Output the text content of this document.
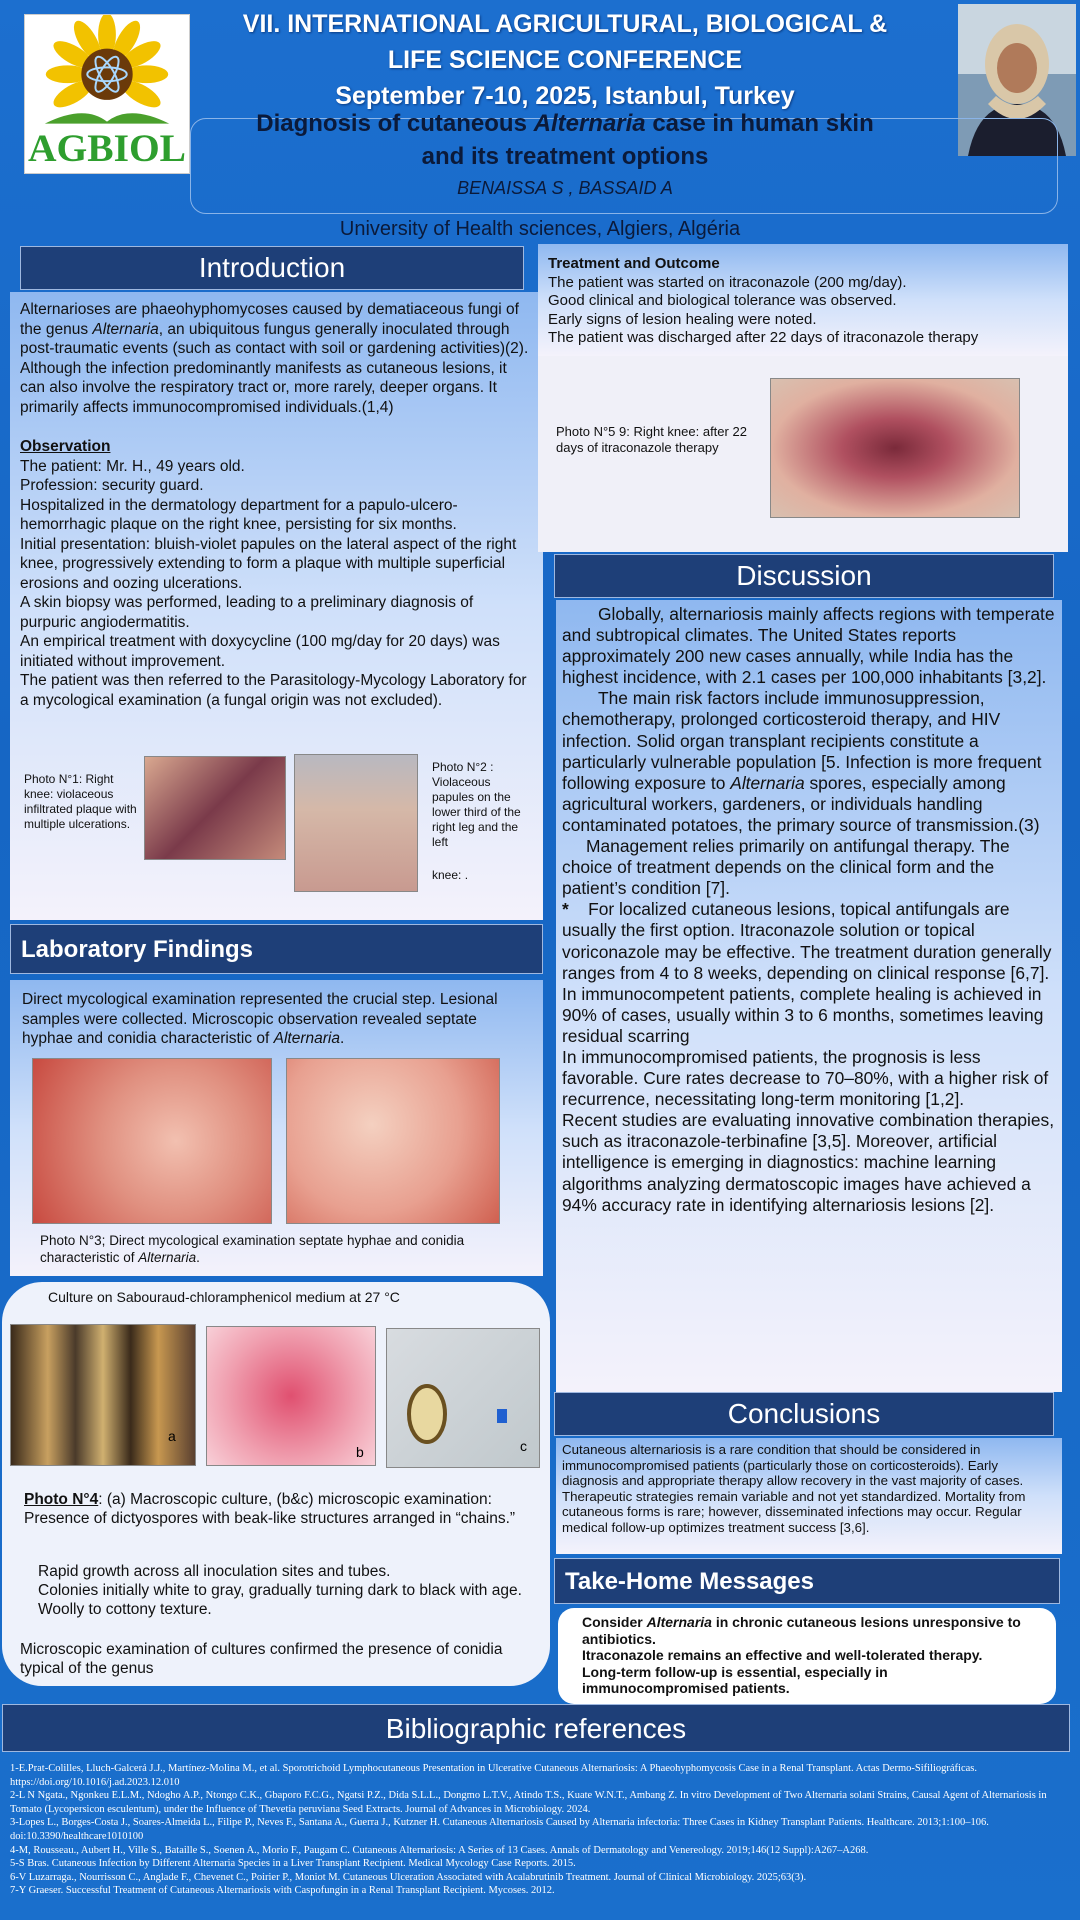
AGBIOL
VII. INTERNATIONAL AGRICULTURAL, BIOLOGICAL &
LIFE SCIENCE CONFERENCE
September 7-10, 2025, Istanbul, Turkey
Diagnosis of cutaneous Alternaria case in human skin
and its treatment options
BENAISSA S , BASSAID A
University of Health sciences, Algiers, Algéria
Introduction

Alternarioses are phaeohyphomycoses caused by dematiaceous fungi of the genus Alternaria, an ubiquitous fungus generally inoculated through post-traumatic events (such as contact with soil or gardening activities)(2). Although the infection predominantly manifests as cutaneous lesions, it can also involve the respiratory tract or, more rarely, deeper organs. It primarily affects immunocompromised individuals.(1,4)

Observation

The patient: Mr. H., 49 years old.

Profession: security guard.

Hospitalized in the dermatology department for a papulo-ulcero-hemorrhagic plaque on the right knee, persisting for six months.

Initial presentation: bluish-violet papules on the lateral aspect of the right knee, progressively extending to form a plaque with multiple superficial erosions and oozing ulcerations.

A skin biopsy was performed, leading to a preliminary diagnosis of purpuric angiodermatitis.

An empirical treatment with doxycycline (100 mg/day for 20 days) was initiated without improvement.

The patient was then referred to the Parasitology-Mycology Laboratory for a mycological examination (a fungal origin was not excluded).

Photo N°1: Right knee: violaceous infiltrated plaque with multiple ulcerations.
Photo N°2 : Violaceous papules on the lower third of the right leg and the left
knee: .
Laboratory Findings

Direct mycological examination represented the crucial step. Lesional samples were collected. Microscopic observation revealed septate hyphae and conidia characteristic of Alternaria.

Photo N°3; Direct mycological examination septate hyphae and conidia characteristic of Alternaria.
Culture on Sabouraud-chloramphenicol medium at 27 °C
a
b	c
Photo N°4: (a) Macroscopic culture, (b&c) microscopic examination: Presence of dictyospores with beak-like structures arranged in “chains.”

Rapid growth across all inoculation sites and tubes.

Colonies initially white to gray, gradually turning dark to black with age.

Woolly to cottony texture.

Microscopic examination of cultures confirmed the presence of conidia typical of the genus

Treatment and Outcome

The patient was started on itraconazole (200 mg/day).

Good clinical and biological tolerance was observed.

Early signs of lesion healing were noted.

The patient was discharged after 22 days of itraconazole therapy

Photo N°5 9: Right knee: after 22 days of itraconazole therapy
Discussion

Globally, alternariosis mainly affects regions with temperate and subtropical climates. The United States reports approximately 200 new cases annually, while India has the highest incidence, with 2.1 cases per 100,000 inhabitants [3,2].

The main risk factors include immunosuppression, chemotherapy, prolonged corticosteroid therapy, and HIV infection. Solid organ transplant recipients constitute a particularly vulnerable population [5. Infection is more frequent following exposure to Alternaria spores, especially among agricultural workers, gardeners, or individuals handling contaminated potatoes, the primary source of transmission.(3)

Management relies primarily on antifungal therapy. The choice of treatment depends on the clinical form and the patient’s condition [7].

* For localized cutaneous lesions, topical antifungals are usually the first option. Itraconazole solution or topical voriconazole may be effective. The treatment duration generally ranges from 4 to 8 weeks, depending on clinical response [6,7].

In immunocompetent patients, complete healing is achieved in 90% of cases, usually within 3 to 6 months, sometimes leaving residual scarring

In immunocompromised patients, the prognosis is less favorable. Cure rates decrease to 70–80%, with a higher risk of recurrence, necessitating long-term monitoring [1,2].

Recent studies are evaluating innovative combination therapies, such as itraconazole-terbinafine [3,5]. Moreover, artificial intelligence is emerging in diagnostics: machine learning algorithms analyzing dermatoscopic images have achieved a 94% accuracy rate in identifying alternariosis lesions [2].

Conclusions

Cutaneous alternariosis is a rare condition that should be considered in immunocompromised patients (particularly those on corticosteroids). Early diagnosis and appropriate therapy allow recovery in the vast majority of cases. Therapeutic strategies remain variable and not yet standardized. Mortality from cutaneous forms is rare; however, disseminated infections may occur. Regular medical follow-up optimizes treatment success [3,6].

Take-Home Messages

Consider Alternaria in chronic cutaneous lesions unresponsive to antibiotics.

Itraconazole remains an effective and well-tolerated therapy.

Long-term follow-up is essential, especially in immunocompromised patients.

Bibliographic references

1-E.Prat-Colilles, Lluch-Galcerá J.J., Martínez-Molina M., et al. Sporotrichoid Lymphocutaneous Presentation in Ulcerative Cutaneous Alternariosis: A Phaeohyphomycosis Case in a Renal Transplant. Actas Dermo-Sifiliográficas. https://doi.org/10.1016/j.ad.2023.12.010

2-L N Ngata., Ngonkeu E.L.M., Ndogho A.P., Ntongo C.K., Gbaporo F.C.G., Ngatsi P.Z., Dida S.L.L., Dongmo L.T.V., Atindo T.S., Kuate W.N.T., Ambang Z. In vitro Development of Two Alternaria solani Strains, Causal Agent of Alternariosis in Tomato (Lycopersicon esculentum), under the Influence of Thevetia peruviana Seed Extracts. Journal of Advances in Microbiology. 2024.

3-Lopes L., Borges-Costa J., Soares-Almeida L., Filipe P., Neves F., Santana A., Guerra J., Kutzner H. Cutaneous Alternariosis Caused by Alternaria infectoria: Three Cases in Kidney Transplant Patients. Healthcare. 2013;1:100–106. doi:10.3390/healthcare1010100

4-M, Rousseau., Aubert H., Ville S., Bataille S., Soenen A., Morio F., Paugam C. Cutaneous Alternariosis: A Series of 13 Cases. Annals of Dermatology and Venereology. 2019;146(12 Suppl):A267–A268.

5-S Bras. Cutaneous Infection by Different Alternaria Species in a Liver Transplant Recipient. Medical Mycology Case Reports. 2015.

6-V Luzarraga., Nourrisson C., Anglade F., Chevenet C., Poirier P., Moniot M. Cutaneous Ulceration Associated with Acalabrutinib Treatment. Journal of Clinical Microbiology. 2025;63(3).

7-Y Graeser. Successful Treatment of Cutaneous Alternariosis with Caspofungin in a Renal Transplant Recipient. Mycoses. 2012.
